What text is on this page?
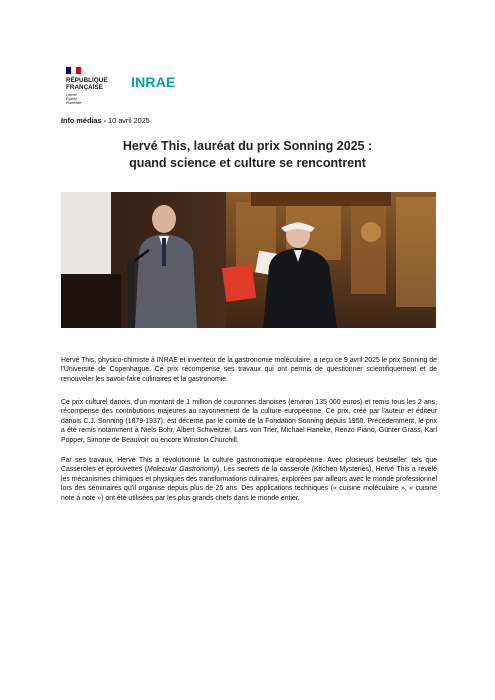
RÉPUBLIQUE
FRANÇAISE
Liberté
Égalité
Fraternité
INRAE
Info médias - 10 avril 2025
Hervé This, lauréat du prix Sonning 2025 :
quand science et culture se rencontrent
Hervé This, physico-chimiste à INRAE et inventeur de la gastronomie moléculaire, a reçu ce 9 avril 2025 le prix Sonning de l'Université de Copenhague. Ce prix récompense ses travaux qui ont permis de questionner scientifiquement et de renouveler les savoir-faire culinaires et la gastronomie.
Ce prix culturel danois, d'un montant de 1 million de couronnes danoises (environ 135 000 euros) et remis tous les 2 ans, récompense des contributions majeures au rayonnement de la culture européenne. Ce prix, créé par l'auteur et éditeur danois C.J. Sonning (1879-1937), est décerné par le comité de la Fondation Sonning depuis 1950. Précédemment, le prix a été remis notamment à Niels Bohr, Albert Schweitzer, Lars von Trier, Michael Haneke, Renzo Piano, Günter Grass, Karl Popper, Simone de Beauvoir ou encore Winston Churchill.
Par ses travaux, Hervé This a révolutionné la culture gastronomique européenne. Avec plusieurs bestseller, tels que Casseroles et éprouvettes (Molecular Gastronomy), Les secrets de la casserole (Kitchen Mysteries), Hervé This a révélé les mécanismes chimiques et physiques des transformations culinaires, explorées par ailleurs avec le monde professionnel lors des séminaires qu'il organise depuis plus de 25 ans. Des applications techniques (« cuisine moléculaire », « cuisine note à note ») ont été utilisées par les plus grands chefs dans le monde entier.
